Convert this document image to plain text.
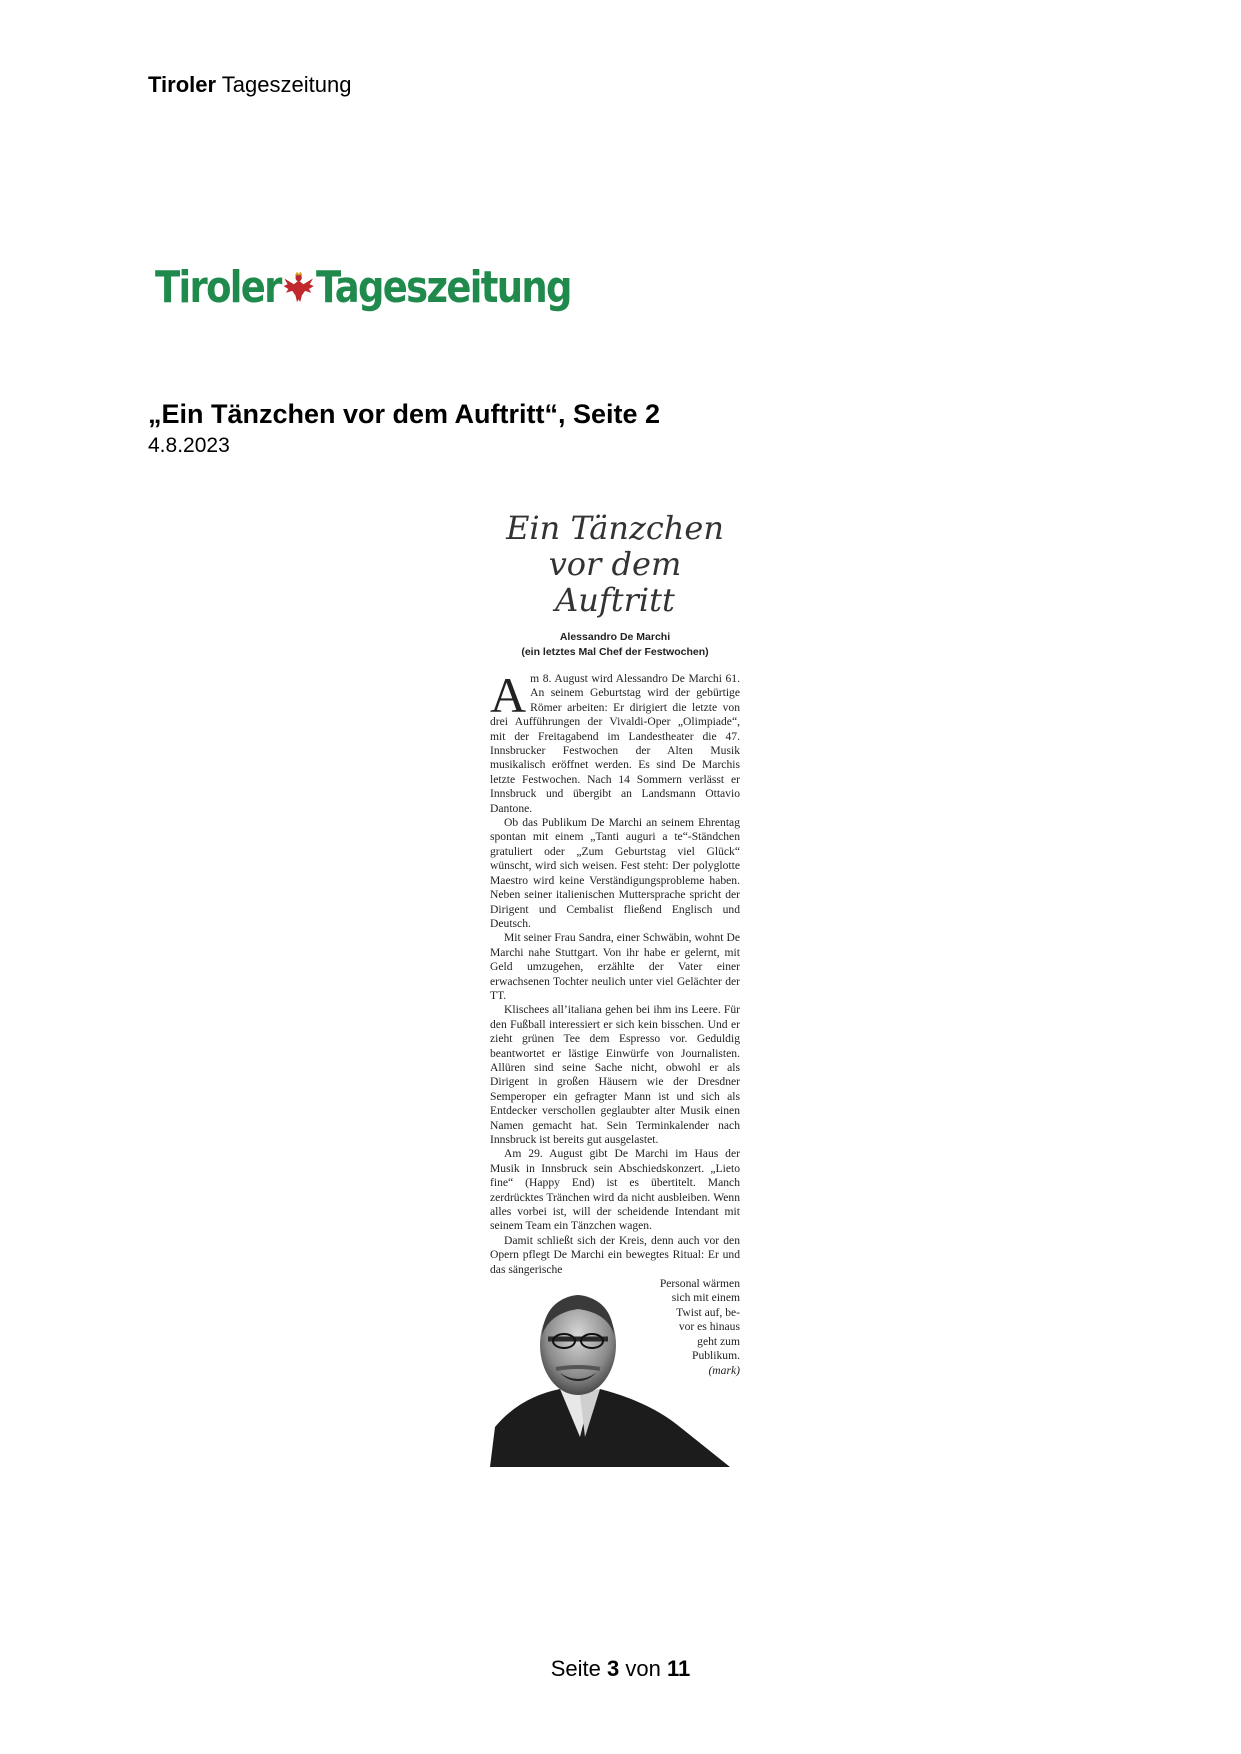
Tiroler Tageszeitung
Tiroler Tageszeitung
„Ein Tänzchen vor dem Auftritt“, Seite 2
4.8.2023
Ein Tänzchen
vor dem
Auftritt
Alessandro De Marchi
(ein letztes Mal Chef der Festwochen)

Am 8. August wird Alessandro De Marchi 61. An seinem Geburtstag wird der gebürtige Römer arbeiten: Er dirigiert die letzte von drei Aufführungen der Vivaldi-Oper „Olimpiade“, mit der Freitagabend im Landestheater die 47. Innsbrucker Festwochen der Alten Musik musikalisch eröffnet werden. Es sind De Marchis letzte Festwochen. Nach 14 Sommern verlässt er Innsbruck und übergibt an Landsmann Ottavio Dantone.

Ob das Publikum De Marchi an seinem Ehrentag spontan mit einem „Tanti auguri a te“-Ständchen gratuliert oder „Zum Geburtstag viel Glück“ wünscht, wird sich weisen. Fest steht: Der polyglotte Maestro wird keine Verständigungsprobleme haben. Neben seiner italienischen Muttersprache spricht der Dirigent und Cembalist fließend Englisch und Deutsch.

Mit seiner Frau Sandra, einer Schwäbin, wohnt De Marchi nahe Stuttgart. Von ihr habe er gelernt, mit Geld umzugehen, erzählte der Vater einer erwachsenen Tochter neulich unter viel Gelächter der TT.

Klischees all’italiana gehen bei ihm ins Leere. Für den Fußball interessiert er sich kein bisschen. Und er zieht grünen Tee dem Espresso vor. Geduldig beantwortet er lästige Einwürfe von Journalisten. Allüren sind seine Sache nicht, obwohl er als Dirigent in großen Häusern wie der Dresdner Semperoper ein gefragter Mann ist und sich als Entdecker verschollen geglaubter alter Musik einen Namen gemacht hat. Sein Terminkalender nach Innsbruck ist bereits gut ausgelastet.

Am 29. August gibt De Marchi im Haus der Musik in Innsbruck sein Abschiedskonzert. „Lieto fine“ (Happy End) ist es übertitelt. Manch zerdrücktes Tränchen wird da nicht ausbleiben. Wenn alles vorbei ist, will der scheidende Intendant mit seinem Team ein Tänzchen wagen.

Damit schließt sich der Kreis, denn auch vor den Opern pflegt De Marchi ein bewegtes Ritual: Er und das sängerische

Personal wärmen
sich mit einem
Twist auf, be-
vor es hinaus
geht zum
Publikum.
(mark)
Seite 3 von 11
